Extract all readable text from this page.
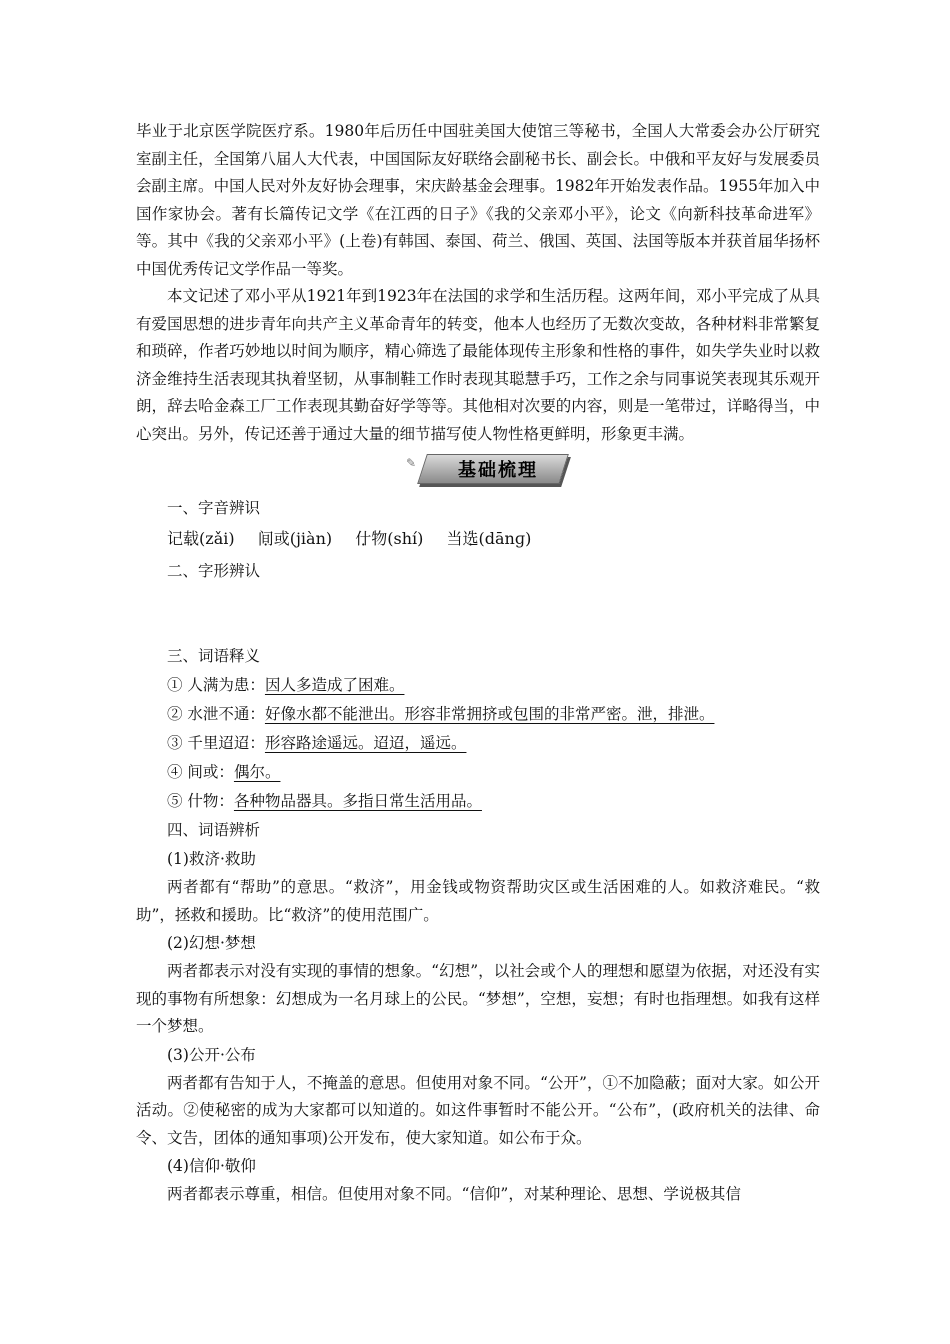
毕业于北京医学院医疗系。1980年后历任中国驻美国大使馆三等秘书，全国人大常委会办公厅研究室副主任，全国第八届人大代表，中国国际友好联络会副秘书长、副会长。中俄和平友好与发展委员会副主席。中国人民对外友好协会理事，宋庆龄基金会理事。1982年开始发表作品。1955年加入中国作家协会。著有长篇传记文学《在江西的日子》《我的父亲邓小平》，论文《向新科技革命进军》等。其中《我的父亲邓小平》(上卷)有韩国、泰国、荷兰、俄国、英国、法国等版本并获首届华扬杯中国优秀传记文学作品一等奖。

本文记述了邓小平从1921年到1923年在法国的求学和生活历程。这两年间，邓小平完成了从具有爱国思想的进步青年向共产主义革命青年的转变，他本人也经历了无数次变故，各种材料非常繁复和琐碎，作者巧妙地以时间为顺序，精心筛选了最能体现传主形象和性格的事件，如失学失业时以救济金维持生活表现其执着坚韧，从事制鞋工作时表现其聪慧手巧，工作之余与同事说笑表现其乐观开朗，辞去哈金森工厂工作表现其勤奋好学等等。其他相对次要的内容，则是一笔带过，详略得当，中心突出。另外，传记还善于通过大量的细节描写使人物性格更鲜明，形象更丰满。

✎	基础梳理

一、字音辨识

记载(zǎi) 间或(jiàn) 什物(shí) 当选(dānɡ)

二、字形辨认

三、词语释义

① 人满为患：因人多造成了困难。

② 水泄不通：好像水都不能泄出。形容非常拥挤或包围的非常严密。泄，排泄。

③ 千里迢迢：形容路途遥远。迢迢，遥远。

④ 间或：偶尔。

⑤ 什物：各种物品器具。多指日常生活用品。

四、词语辨析

(1)救济·救助

两者都有“帮助”的意思。“救济”，用金钱或物资帮助灾区或生活困难的人。如救济难民。“救助”，拯救和援助。比“救济”的使用范围广。

(2)幻想·梦想

两者都表示对没有实现的事情的想象。“幻想”，以社会或个人的理想和愿望为依据，对还没有实现的事物有所想象：幻想成为一名月球上的公民。“梦想”，空想，妄想；有时也指理想。如我有这样一个梦想。

(3)公开·公布

两者都有告知于人，不掩盖的意思。但使用对象不同。“公开”，①不加隐蔽；面对大家。如公开活动。②使秘密的成为大家都可以知道的。如这件事暂时不能公开。“公布”，(政府机关的法律、命令、文告，团体的通知事项)公开发布，使大家知道。如公布于众。

(4)信仰·敬仰

两者都表示尊重，相信。但使用对象不同。“信仰”，对某种理论、思想、学说极其信
